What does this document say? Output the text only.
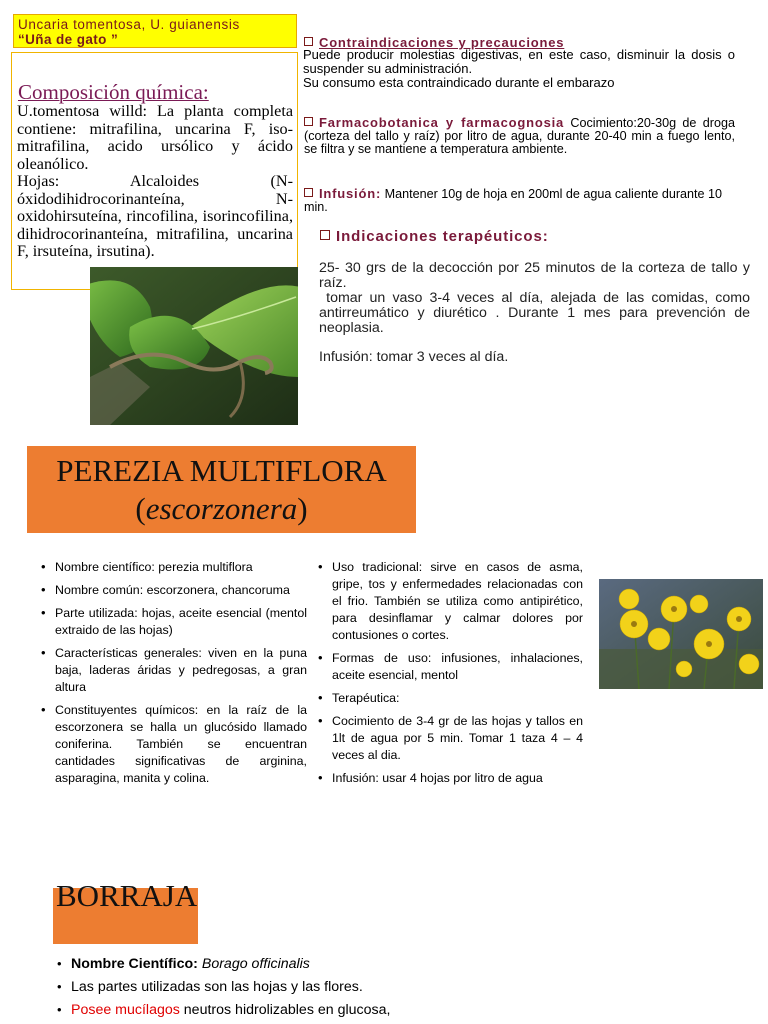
Uncaria tomentosa, U. guianensis
“Uña de gato ”
Composición química:

U.tomentosa willd: La planta completa contiene: mitrafilina, uncarina F, iso-mitrafilina, acido ursólico y ácido oleanólico.

Hojas: Alcaloides (N-óxidodihidrocorinanteína, N-oxidohirsuteína, rincofilina, isorincofilina, dihidrocorinanteína, mitrafilina, uncarina F, irsuteína, irsutina).

Contraindicaciones y precauciones
Puede producir molestias digestivas, en este caso, disminuir la dosis o suspender su administración.
Su consumo esta contraindicado durante el embarazo
Farmacobotanica y farmacognosia Cocimiento:20-30g de droga (corteza del tallo y raíz) por litro de agua, durante 20-40 min a fuego lento, se filtra y se mantiene a temperatura ambiente.
Infusión: Mantener 10g de hoja en 200ml de agua caliente durante 10 min.
Indicaciones terapéuticos:

25- 30 grs de la decocción por 25 minutos de la corteza de tallo y raíz.

tomar un vaso 3-4 veces al día, alejada de las comidas, como antirreumático y diurético . Durante 1 mes para prevención de neoplasia.

Infusión: tomar 3 veces al día.

PEREZIA MULTIFLORA
(escorzonera)
• Nombre científico: perezia multiflora
• Nombre común: escorzonera, chancoruma
• Parte utilizada: hojas, aceite esencial (mentol extraido de las hojas)
• Características generales: viven en la puna baja, laderas áridas y pedregosas, a gran altura
• Constituyentes químicos: en la raíz de la escorzonera se halla un glucósido llamado coniferina. También se encuentran cantidades significativas de arginina, asparagina, manita y colina.
• Uso tradicional: sirve en casos de asma, gripe, tos y enfermedades relacionadas con el frio. También se utiliza como antipirético, para desinflamar y calmar dolores por contusiones o cortes.
• Formas de uso: infusiones, inhalaciones, aceite esencial, mentol
• Terapéutica:
• Cocimiento de 3-4 gr de las hojas y tallos en 1lt de agua por 5 min. Tomar 1 taza 4 – 4 veces al dia.
• Infusión: usar 4 hojas por litro de agua
BORRAJA
• Nombre Científico: Borago officinalis
• Las partes utilizadas son las hojas y las flores.
• Posee mucílagos neutros hidrolizables en glucosa,
